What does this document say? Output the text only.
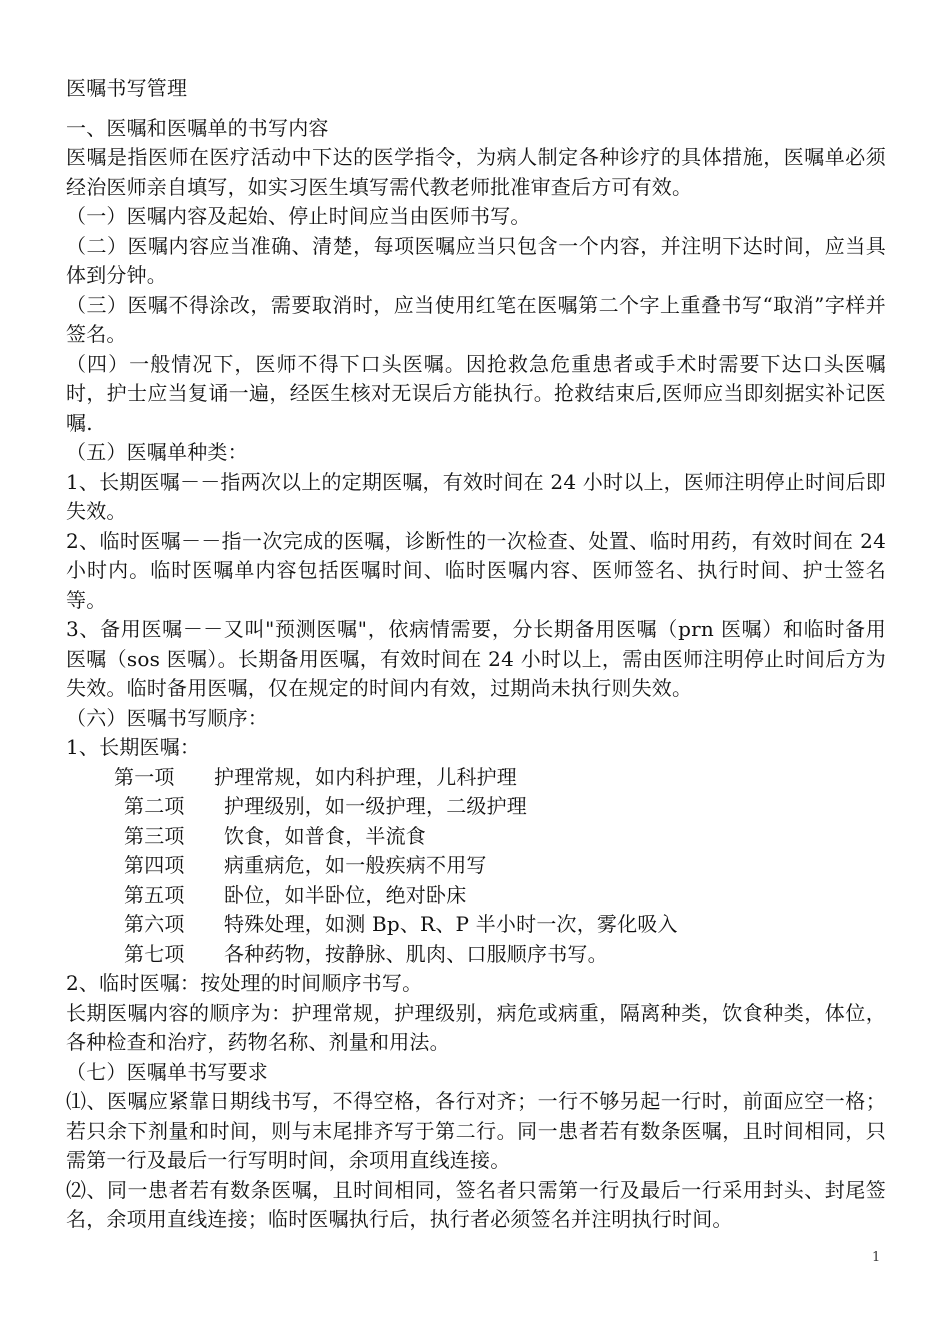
医嘱书写管理

一、医嘱和医嘱单的书写内容

医嘱是指医师在医疗活动中下达的医学指令，为病人制定各种诊疗的具体措施，医嘱单必须经治医师亲自填写，如实习医生填写需代教老师批准审查后方可有效。

（一）医嘱内容及起始、停止时间应当由医师书写。

（二）医嘱内容应当准确、清楚，每项医嘱应当只包含一个内容，并注明下达时间，应当具体到分钟。

（三）医嘱不得涂改，需要取消时，应当使用红笔在医嘱第二个字上重叠书写“取消”字样并签名。

（四）一般情况下，医师不得下口头医嘱。因抢救急危重患者或手术时需要下达口头医嘱时，护士应当复诵一遍，经医生核对无误后方能执行。抢救结束后,医师应当即刻据实补记医嘱.

（五）医嘱单种类：

1、长期医嘱－－指两次以上的定期医嘱，有效时间在 24 小时以上，医师注明停止时间后即失效。

2、临时医嘱－－指一次完成的医嘱，诊断性的一次检查、处置、临时用药，有效时间在 24 小时内。临时医嘱单内容包括医嘱时间、临时医嘱内容、医师签名、执行时间、护士签名等。

3、备用医嘱－－又叫"预测医嘱"，依病情需要，分长期备用医嘱（prn 医嘱）和临时备用医嘱（sos 医嘱）。长期备用医嘱，有效时间在 24 小时以上，需由医师注明停止时间后方为失效。临时备用医嘱，仅在规定的时间内有效，过期尚未执行则失效。

（六）医嘱书写顺序：

1、长期医嘱：

第一项 护理常规，如内科护理，儿科护理

第二项 护理级别，如一级护理，二级护理

第三项 饮食，如普食，半流食

第四项 病重病危，如一般疾病不用写

第五项 卧位，如半卧位，绝对卧床

第六项 特殊处理，如测 Bp、R、P 半小时一次，雾化吸入

第七项 各种药物，按静脉、肌肉、口服顺序书写。

2、临时医嘱：按处理的时间顺序书写。

长期医嘱内容的顺序为：护理常规，护理级别，病危或病重，隔离种类，饮食种类，体位，各种检查和治疗，药物名称、剂量和用法。

（七）医嘱单书写要求

⑴、医嘱应紧靠日期线书写，不得空格，各行对齐；一行不够另起一行时，前面应空一格；若只余下剂量和时间，则与末尾排齐写于第二行。同一患者若有数条医嘱，且时间相同，只需第一行及最后一行写明时间，余项用直线连接。

⑵、同一患者若有数条医嘱，且时间相同，签名者只需第一行及最后一行采用封头、封尾签名，余项用直线连接；临时医嘱执行后，执行者必须签名并注明执行时间。

1
